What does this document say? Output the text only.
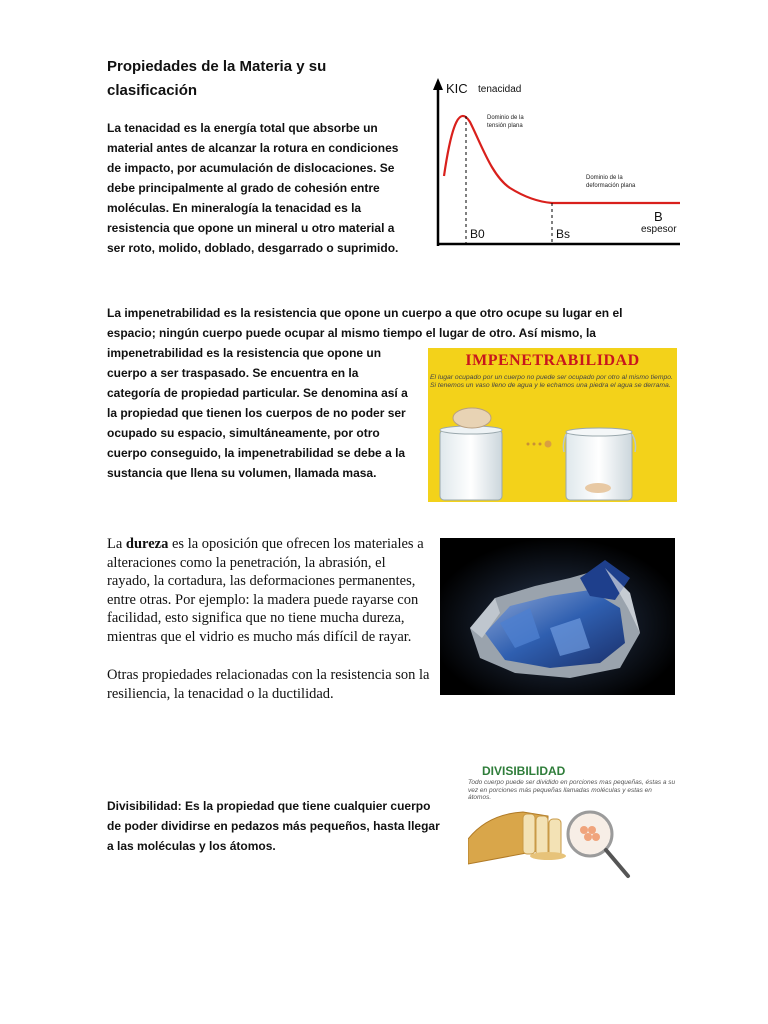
Propiedades de la Materia y su clasificación

La tenacidad es la energía total que absorbe un material antes de alcanzar la rotura en condiciones de impacto, por acumulación de dislocaciones. Se debe principalmente al grado de cohesión entre moléculas. En mineralogía la tenacidad es la resistencia que opone un mineral u otro material a ser roto, molido, doblado, desgarrado o suprimido.

KIC tenacidad
Dominio de la
tensión plana
Dominio de la
deformación plana
B0	Bs
B
espesor
La impenetrabilidad es la resistencia que opone un cuerpo a que otro ocupe su lugar en el
espacio; ningún cuerpo puede ocupar al mismo tiempo el lugar de otro. Así mismo, la

impenetrabilidad es la resistencia que opone un cuerpo a ser traspasado. Se encuentra en la categoría de propiedad particular. Se denomina así a la propiedad que tienen los cuerpos de no poder ser ocupado su espacio, simultáneamente, por otro cuerpo conseguido, la impenetrabilidad se debe a la sustancia que llena su volumen, llamada masa.

IMPENETRABILIDAD
El lugar ocupado por un cuerpo no puede ser ocupado por otro al mismo tiempo. Si tenemos un vaso lleno de agua y le echamos una piedra el agua se derrama.

La dureza es la oposición que ofrecen los materiales a alteraciones como la penetración, la abrasión, el rayado, la cortadura, las deformaciones permanentes, entre otras. Por ejemplo: la madera puede rayarse con facilidad, esto significa que no tiene mucha dureza, mientras que el vidrio es mucho más difícil de rayar.

Otras propiedades relacionadas con la resistencia son la resiliencia, la tenacidad o la ductilidad.

Divisibilidad: Es la propiedad que tiene cualquier cuerpo de poder dividirse en pedazos más pequeños, hasta llegar a las moléculas y los átomos.

DIVISIBILIDAD
Todo cuerpo puede ser dividido en porciones mas pequeñas, éstas a su vez en porciones más pequeñas llamadas moléculas y estas en átomos.
